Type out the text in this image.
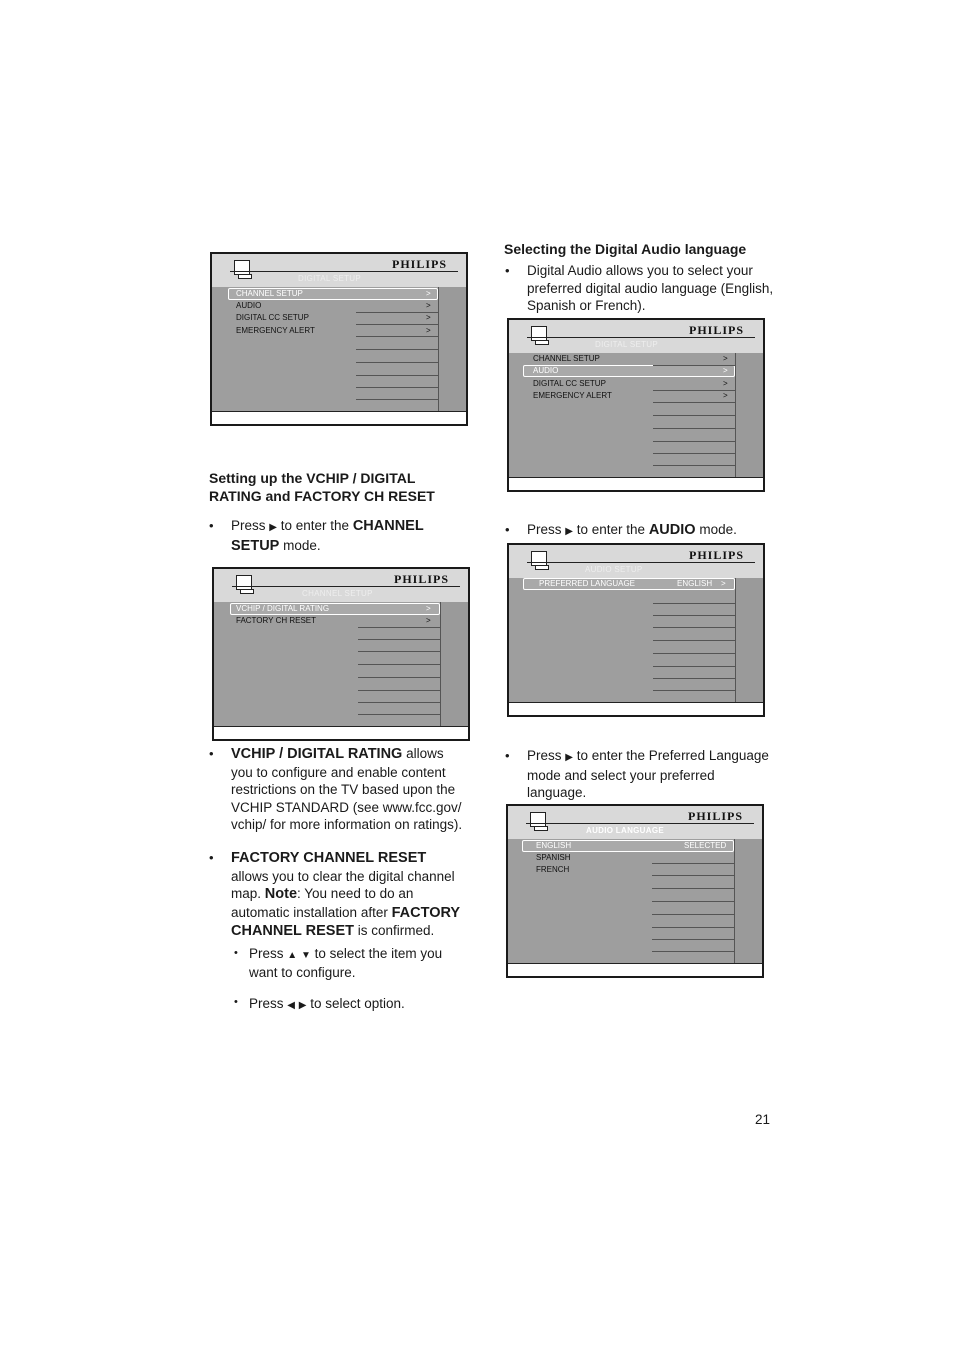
PHILIPS
DIGITAL SETUP
CHANNEL SETUP	>
AUDIO	>
DIGITAL CC SETUP	>
EMERGENCY ALERT	>
Setting up the VCHIP / DIGITAL
RATING and FACTORY CH RESET
• Press ▶ to enter the CHANNEL
SETUP mode.
PHILIPS
CHANNEL SETUP
VCHIP / DIGITAL RATING	>
FACTORY CH RESET	>
• VCHIP / DIGITAL RATING allows
you to configure and enable content
restrictions on the TV based upon the
VCHIP STANDARD (see www.fcc.gov/
vchip/ for more information on ratings).
• FACTORY CHANNEL RESET
allows you to clear the digital channel
map. Note: You need to do an
automatic installation after FACTORY
CHANNEL RESET is confirmed.
• Press ▲ ▼ to select the item you
want to configure.
• Press ◀ ▶ to select option.
Selecting the Digital Audio language
• Digital Audio allows you to select your
preferred digital audio language (English,
Spanish or French).
PHILIPS
DIGITAL SETUP
CHANNEL SETUP	>
AUDIO	>
DIGITAL CC SETUP	>
EMERGENCY ALERT	>
• Press ▶ to enter the AUDIO mode.
PHILIPS
AUDIO SETUP
PREFERRED LANGUAGE	ENGLISH >
• Press ▶ to enter the Preferred Language
mode and select your preferred
language.
PHILIPS
AUDIO LANGUAGE
ENGLISH	SELECTED
SPANISH
FRENCH
21
